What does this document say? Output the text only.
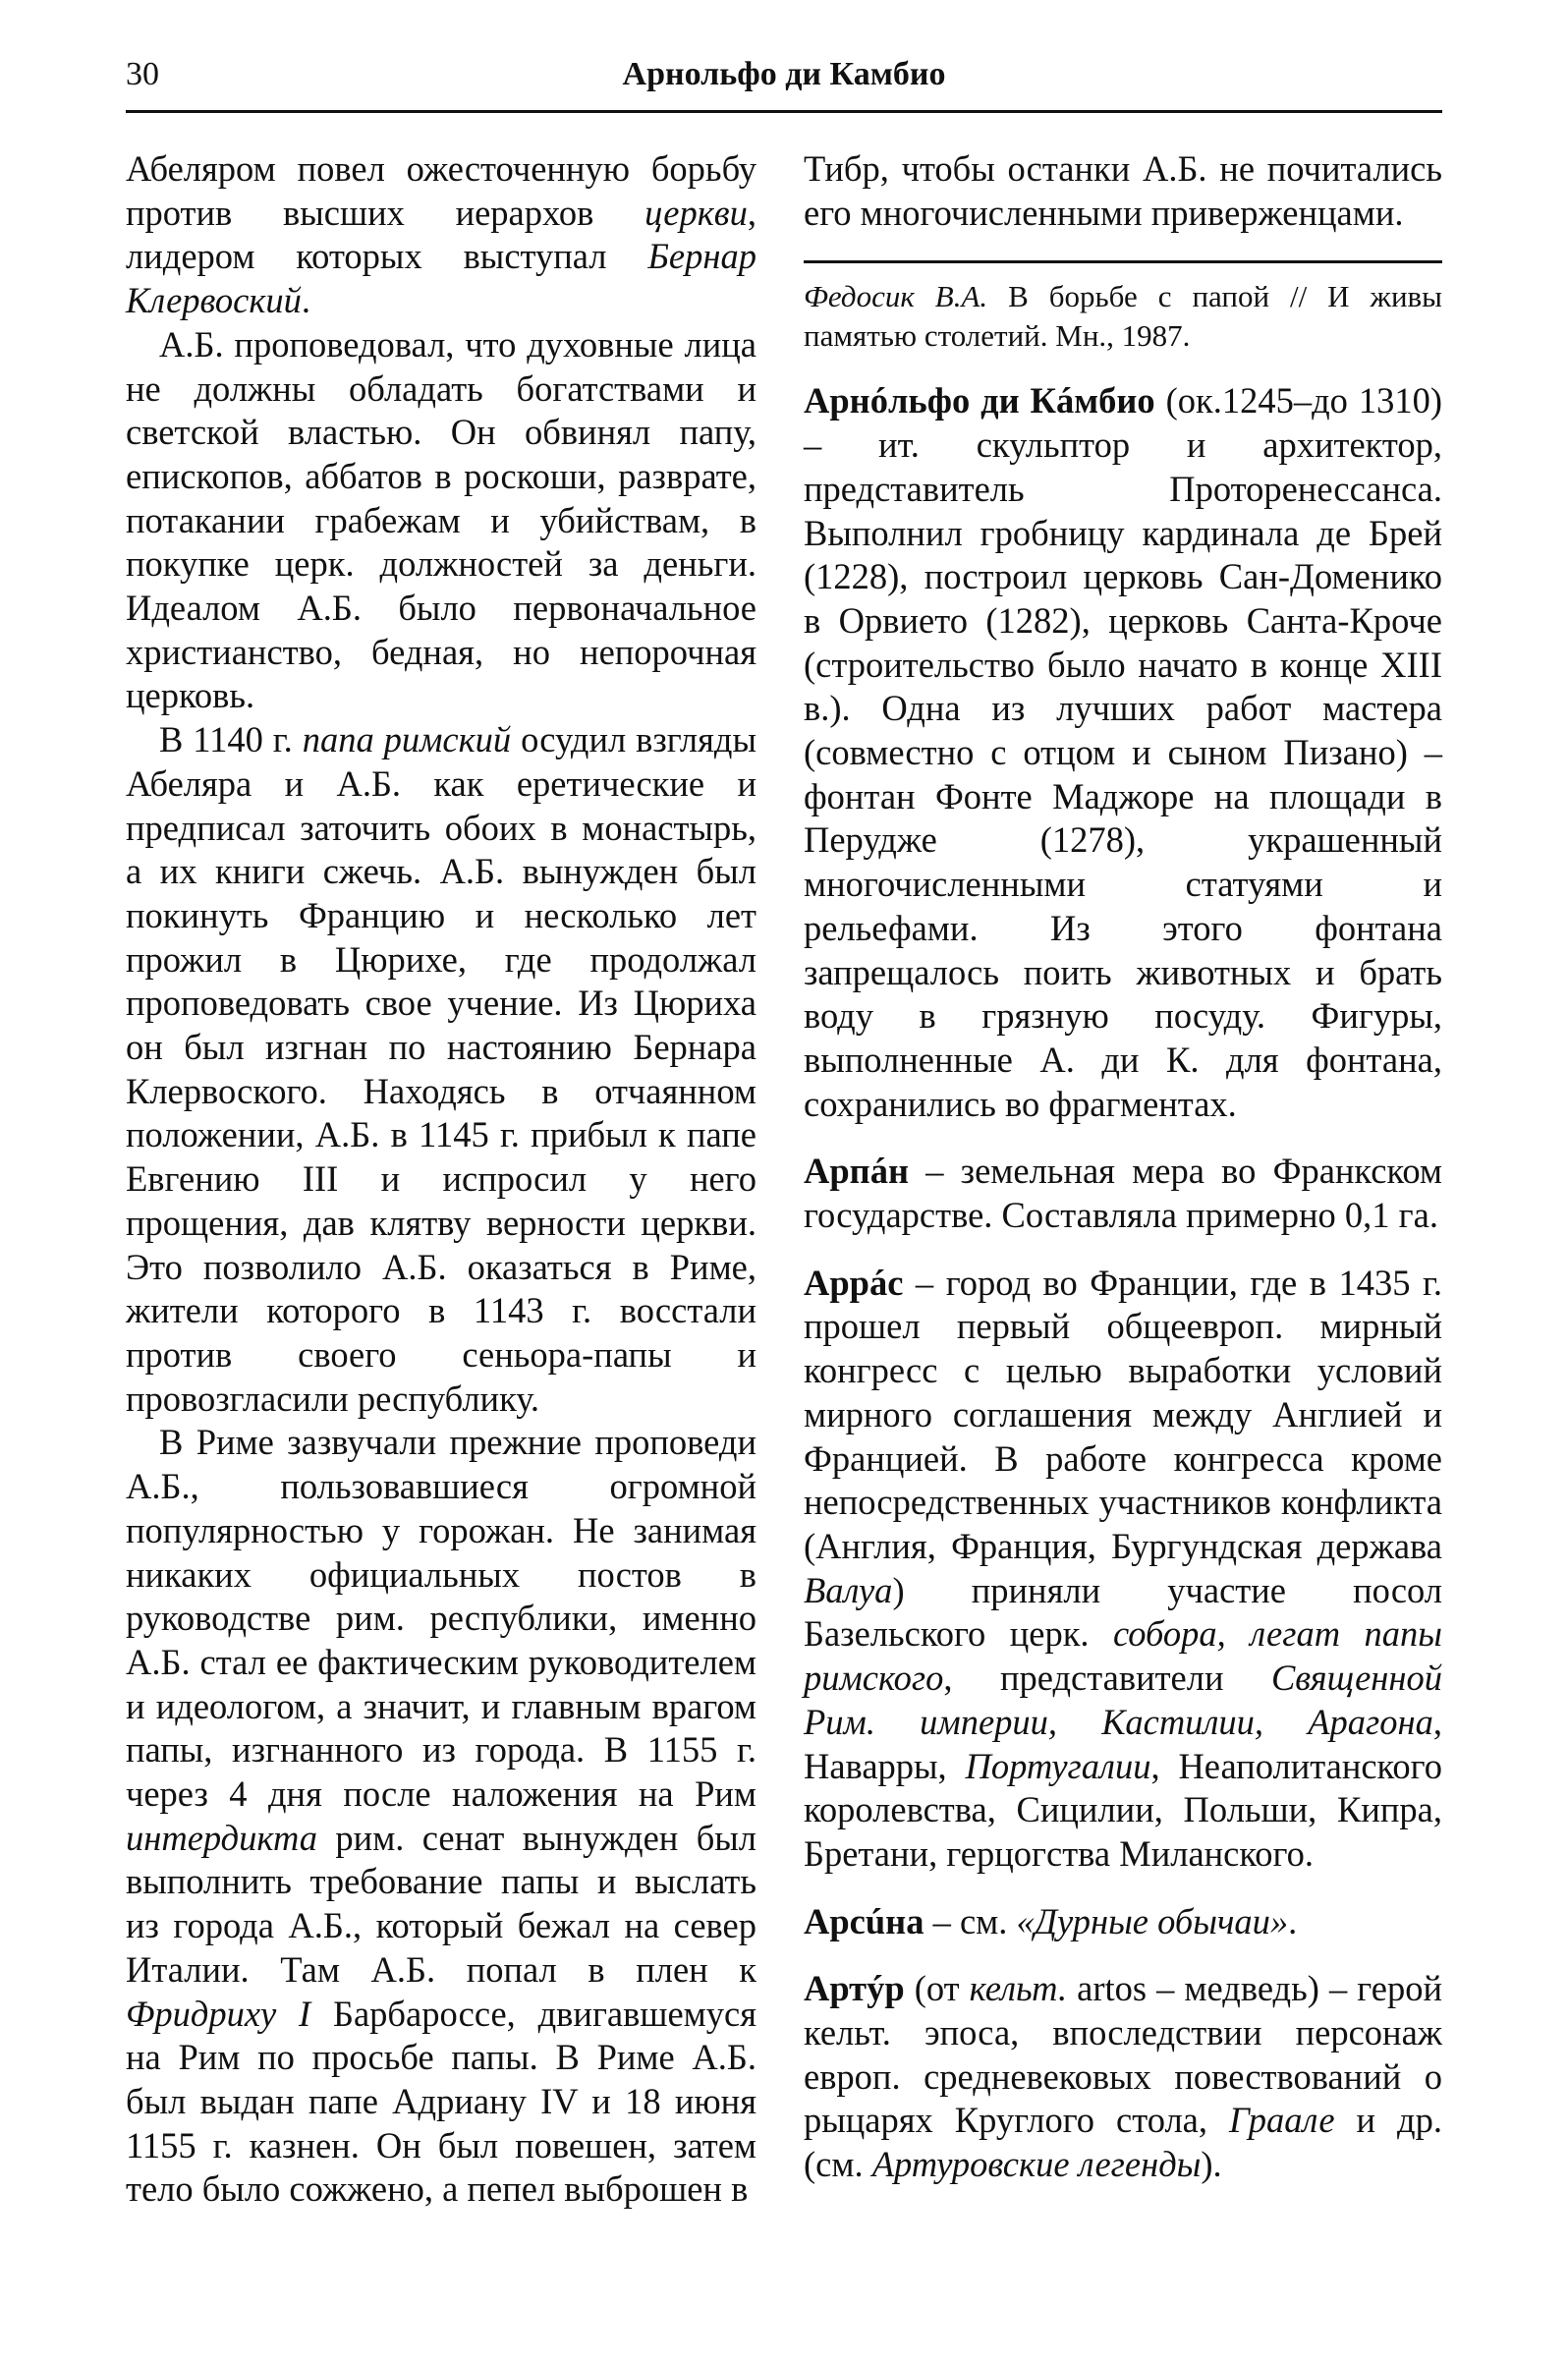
30	Арнольфо ди Камбио

Абеляром повел ожесточенную борьбу против высших иерархов церкви, лидером которых выступал Бернар Клервоский.

А.Б. проповедовал, что духовные лица не должны обладать богатствами и светской властью. Он обвинял папу, епископов, аббатов в роскоши, разврате, потакании грабежам и убийствам, в покупке церк. должностей за деньги. Идеалом А.Б. было первоначальное христианство, бедная, но непорочная церковь.

В 1140 г. папа римский осудил взгляды Абеляра и А.Б. как еретические и предписал заточить обоих в монастырь, а их книги сжечь. А.Б. вынужден был покинуть Францию и несколько лет прожил в Цюрихе, где продолжал проповедовать свое учение. Из Цюриха он был изгнан по настоянию Бернара Клервоского. Находясь в отчаянном положении, А.Б. в 1145 г. прибыл к папе Евгению III и испросил у него прощения, дав клятву верности церкви. Это позволило А.Б. оказаться в Риме, жители которого в 1143 г. восстали против своего сеньора-папы и провозгласили республику.

В Риме зазвучали прежние проповеди А.Б., пользовавшиеся огромной популярностью у горожан. Не занимая никаких официальных постов в руководстве рим. республики, именно А.Б. стал ее фактическим руководителем и идеологом, а значит, и главным врагом папы, изгнанного из города. В 1155 г. через 4 дня после наложения на Рим интердикта рим. сенат вынужден был выполнить требование папы и выслать из города А.Б., который бежал на север Италии. Там А.Б. попал в плен к Фридриху I Барбароссе, двигавшемуся на Рим по просьбе папы. В Риме А.Б. был выдан папе Адриану IV и 18 июня 1155 г. казнен. Он был повешен, затем тело было сожжено, а пепел выброшен в

Тибр, чтобы останки А.Б. не почитались его многочисленными приверженцами.

Федосик В.А. В борьбе с папой // И живы памятью столетий. Мн., 1987.

Арнóльфо ди Кáмбио (ок.1245–до 1310) – ит. скульптор и архитектор, представитель Проторенессанса. Выполнил гробницу кардинала де Брей (1228), построил церковь Сан-Доменико в Орвието (1282), церковь Санта-Кроче (строительство было начато в конце XIII в.). Одна из лучших работ мастера (совместно с отцом и сыном Пизано) – фонтан Фонте Маджоре на площади в Перудже (1278), украшенный многочисленными статуями и рельефами. Из этого фонтана запрещалось поить животных и брать воду в грязную посуду. Фигуры, выполненные А. ди К. для фонтана, сохранились во фрагментах.

Арпáн – земельная мера во Франкском государстве. Составляла примерно 0,1 га.

Аррáс – город во Франции, где в 1435 г. прошел первый общеевроп. мирный конгресс с целью выработки условий мирного соглашения между Англией и Францией. В работе конгресса кроме непосредственных участников конфликта (Англия, Франция, Бургундская держава Валуа) приняли участие посол Базельского церк. собора, легат папы римского, представители Священной Рим. империи, Кастилии, Арагона, Наварры, Португалии, Неаполитанского королевства, Сицилии, Польши, Кипра, Бретани, герцогства Миланского.

Арсúна – см. «Дурные обычаи».

Артýр (от кельт. artos – медведь) – герой кельт. эпоса, впоследствии персонаж европ. средневековых повествований о рыцарях Круглого стола, Граале и др. (см. Артуровские легенды).
